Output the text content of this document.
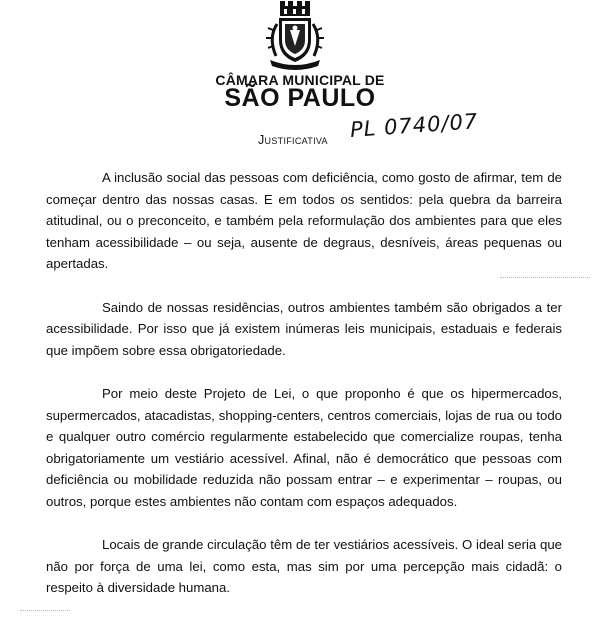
CÂMARA MUNICIPAL DE
SÃO PAULO
Justificativa PL 0740/07

A inclusão social das pessoas com deficiência, como gosto de afirmar, tem de começar dentro das nossas casas. E em todos os sentidos: pela quebra da barreira atitudinal, ou o preconceito, e também pela reformulação dos ambientes para que eles tenham acessibilidade – ou seja, ausente de degraus, desníveis, áreas pequenas ou apertadas.

Saindo de nossas residências, outros ambientes também são obrigados a ter acessibilidade. Por isso que já existem inúmeras leis municipais, estaduais e federais que impõem sobre essa obrigatoriedade.

Por meio deste Projeto de Lei, o que proponho é que os hipermercados, supermercados, atacadistas, shopping-centers, centros comerciais, lojas de rua ou todo e qualquer outro comércio regularmente estabelecido que comercialize roupas, tenha obrigatoriamente um vestiário acessível. Afinal, não é democrático que pessoas com deficiência ou mobilidade reduzida não possam entrar – e experimentar – roupas, ou outros, porque estes ambientes não contam com espaços adequados.

Locais de grande circulação têm de ter vestiários acessíveis. O ideal seria que não por força de uma lei, como esta, mas sim por uma percepção mais cidadã: o respeito à diversidade humana.
